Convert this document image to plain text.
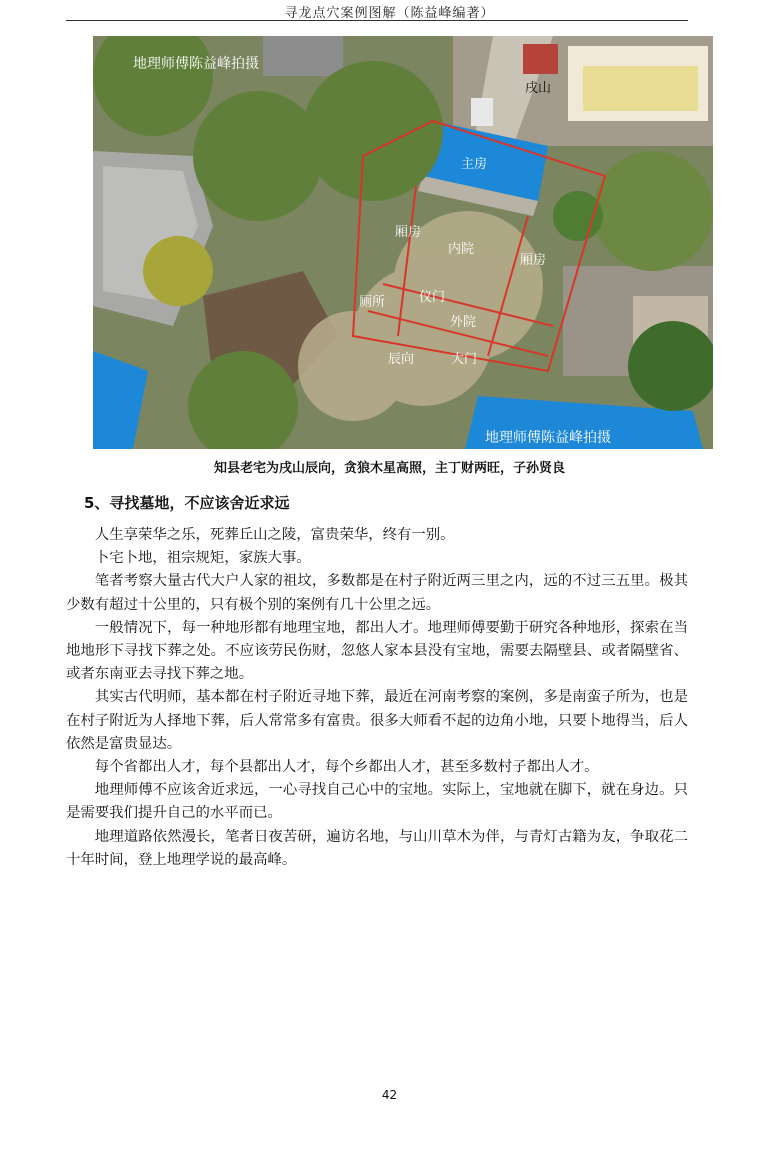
寻龙点穴案例图解（陈益峰编著）
地理师傅陈益峰拍摄
地理师傅陈益峰拍摄
戌山
主房
厢房
内院
厢房
厕所	仪门
外院
辰向	大门
知县老宅为戌山辰向，贪狼木星高照，主丁财两旺，子孙贤良
5、寻找墓地，不应该舍近求远

人生享荣华之乐，死葬丘山之陵，富贵荣华，终有一别。

卜宅卜地，祖宗规矩，家族大事。

笔者考察大量古代大户人家的祖坟，多数都是在村子附近两三里之内，远的不过三五里。极其少数有超过十公里的，只有极个别的案例有几十公里之远。

一般情况下，每一种地形都有地理宝地，都出人才。地理师傅要勤于研究各种地形，探索在当地地形下寻找下葬之处。不应该劳民伤财，忽悠人家本县没有宝地，需要去隔壁县、或者隔壁省、或者东南亚去寻找下葬之地。

其实古代明师，基本都在村子附近寻地下葬，最近在河南考察的案例，多是南蛮子所为，也是在村子附近为人择地下葬，后人常常多有富贵。很多大师看不起的边角小地，只要卜地得当，后人依然是富贵显达。

每个省都出人才，每个县都出人才，每个乡都出人才，甚至多数村子都出人才。

地理师傅不应该舍近求远，一心寻找自己心中的宝地。实际上，宝地就在脚下，就在身边。只是需要我们提升自己的水平而已。

地理道路依然漫长，笔者日夜苦研，遍访名地，与山川草木为伴，与青灯古籍为友，争取花二十年时间，登上地理学说的最高峰。

42
